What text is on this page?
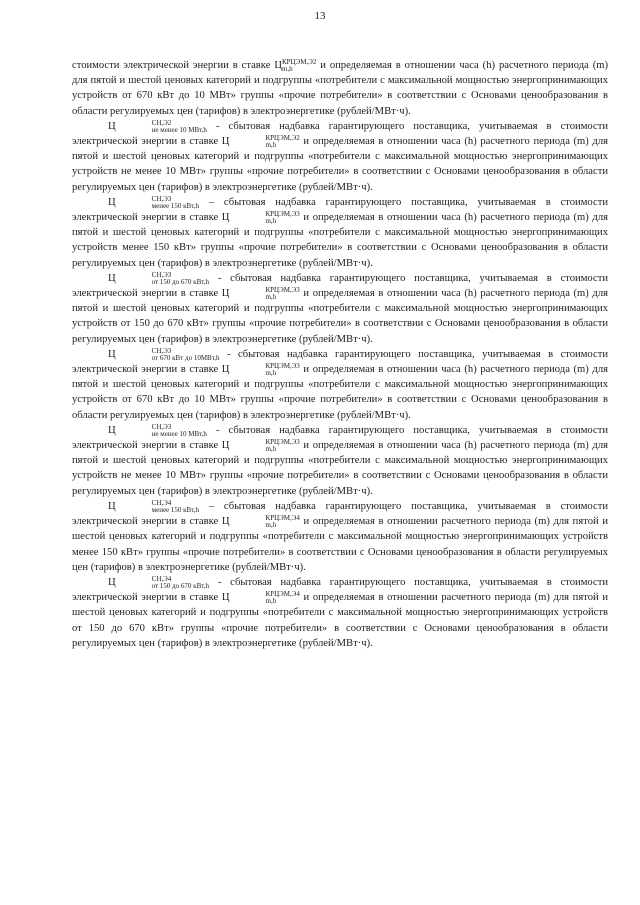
13

стоимости электрической энергии в ставке Ц КРЦЭМ,Э2
m,h	и определяемая в отношении часа (h) расчетного периода (m) для пятой и шестой ценовых категорий и подгруппы «потребители с максимальной мощностью энергопринимающих устройств от 670 кВт до 10 МВт» группы «прочие потребители» в соответствии с Основами ценообразования в области регулируемых цен (тарифов) в электроэнергетике (рублей/МВт·ч).

Ц	СН,Э2
не менее 10 МВт,h - сбытовая надбавка гарантирующего поставщика, учитываемая в стоимости электрической энергии в ставке Ц	КРЦЭМ,Э2
m,h	и определяемая в отношении часа (h) расчетного периода (m) для пятой и шестой ценовых категорий и подгруппы «потребители с максимальной мощностью энергопринимающих устройств не менее 10 МВт» группы «прочие потребители» в соответствии с Основами ценообразования в области регулируемых цен (тарифов) в электроэнергетике (рублей/МВт·ч).

Ц	СН,Э3
менее 150 кВт,h – сбытовая надбавка гарантирующего поставщика, учитываемая в стоимости электрической энергии в ставке Ц	КРЦЭМ,Э3
m,h	и определяемая в отношении часа (h) расчетного периода (m) для пятой и шестой ценовых категорий и подгруппы «потребители с максимальной мощностью энергопринимающих устройств менее 150 кВт» группы «прочие потребители» в соответствии с Основами ценообразования в области регулируемых цен (тарифов) в электроэнергетике (рублей/МВт·ч).

Ц	СН,Э3
от 150 до 670 кВт,h - сбытовая надбавка гарантирующего поставщика, учитываемая в стоимости электрической энергии в ставке Ц	КРЦЭМ,Э3
m,h	и определяемая в отношении часа (h) расчетного периода (m) для пятой и шестой ценовых категорий и подгруппы «потребители с максимальной мощностью энергопринимающих устройств от 150 до 670 кВт» группы «прочие потребители» в соответствии с Основами ценообразования в области регулируемых цен (тарифов) в электроэнергетике (рублей/МВт·ч).

Ц	СН,Э3
от 670 кВт до 10МВт,h - сбытовая надбавка гарантирующего поставщика, учитываемая в стоимости электрической энергии в ставке Ц	КРЦЭМ,Э3
m,h	и определяемая в отношении часа (h) расчетного периода (m) для пятой и шестой ценовых категорий и подгруппы «потребители с максимальной мощностью энергопринимающих устройств от 670 кВт до 10 МВт» группы «прочие потребители» в соответствии с Основами ценообразования в области регулируемых цен (тарифов) в электроэнергетике (рублей/МВт·ч).

Ц	СН,Э3
не менее 10 МВт,h - сбытовая надбавка гарантирующего поставщика, учитываемая в стоимости электрической энергии в ставке Ц	КРЦЭМ,Э3
m,h	и определяемая в отношении часа (h) расчетного периода (m) для пятой и шестой ценовых категорий и подгруппы «потребители с максимальной мощностью энергопринимающих устройств не менее 10 МВт» группы «прочие потребители» в соответствии с Основами ценообразования в области регулируемых цен (тарифов) в электроэнергетике (рублей/МВт·ч).

Ц	СН,Э4
менее 150 кВт,h – сбытовая надбавка гарантирующего поставщика, учитываемая в стоимости электрической энергии в ставке Ц	КРЦЭМ,Э4
m,h	и определяемая в отношении расчетного периода (m) для пятой и шестой ценовых категорий и подгруппы «потребители с максимальной мощностью энергопринимающих устройств менее 150 кВт» группы «прочие потребители» в соответствии с Основами ценообразования в области регулируемых цен (тарифов) в электроэнергетике (рублей/МВт·ч).

Ц	СН,Э4
от 150 до 670 кВт,h - сбытовая надбавка гарантирующего поставщика, учитываемая в стоимости электрической энергии в ставке Ц	КРЦЭМ,Э4
m,h	и определяемая в отношении расчетного периода (m) для пятой и шестой ценовых категорий и подгруппы «потребители с максимальной мощностью энергопринимающих устройств от 150 до 670 кВт» группы «прочие потребители» в соответствии с Основами ценообразования в области регулируемых цен (тарифов) в электроэнергетике (рублей/МВт·ч).
